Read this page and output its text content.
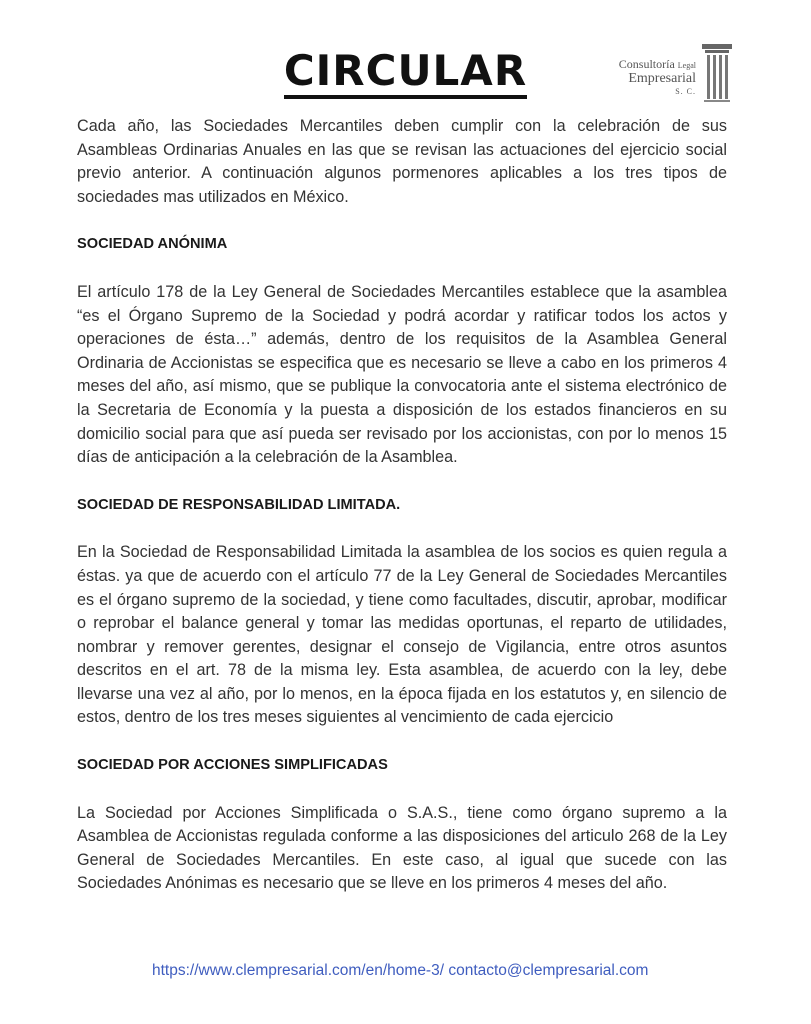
CIRCULAR	Consultoría Legal
Empresarial
S. C.

Cada año, las Sociedades Mercantiles deben cumplir con la celebración de sus Asambleas Ordinarias Anuales en las que se revisan las actuaciones del ejercicio social previo anterior. A continuación algunos pormenores aplicables a los tres tipos de sociedades mas utilizados en México.

SOCIEDAD ANÓNIMA

El artículo 178 de la Ley General de Sociedades Mercantiles establece que la asamblea “es el Órgano Supremo de la Sociedad y podrá acordar y ratificar todos los actos y operaciones de ésta…” además, dentro de los requisitos de la Asamblea General Ordinaria de Accionistas se especifica que es necesario se lleve a cabo en los primeros 4 meses del año, así mismo, que se publique la convocatoria ante el sistema electrónico de la Secretaria de Economía y la puesta a disposición de los estados financieros en su domicilio social para que así pueda ser revisado por los accionistas, con por lo menos 15 días de anticipación a la celebración de la Asamblea.

SOCIEDAD DE RESPONSABILIDAD LIMITADA.

En la Sociedad de Responsabilidad Limitada la asamblea de los socios es quien regula a éstas. ya que de acuerdo con el artículo 77 de la Ley General de Sociedades Mercantiles es el órgano supremo de la sociedad, y tiene como facultades, discutir, aprobar, modificar o reprobar el balance general y tomar las medidas oportunas, el reparto de utilidades, nombrar y remover gerentes, designar el consejo de Vigilancia, entre otros asuntos descritos en el art. 78 de la misma ley. Esta asamblea, de acuerdo con la ley, debe llevarse una vez al año, por lo menos, en la época fijada en los estatutos y, en silencio de estos, dentro de los tres meses siguientes al vencimiento de cada ejercicio

SOCIEDAD POR ACCIONES SIMPLIFICADAS

La Sociedad por Acciones Simplificada o S.A.S., tiene como órgano supremo a la Asamblea de Accionistas regulada conforme a las disposiciones del articulo 268 de la Ley General de Sociedades Mercantiles. En este caso, al igual que sucede con las Sociedades Anónimas es necesario que se lleve en los primeros 4 meses del año.

https://www.clempresarial.com/en/home-3/ contacto@clempresarial.com
